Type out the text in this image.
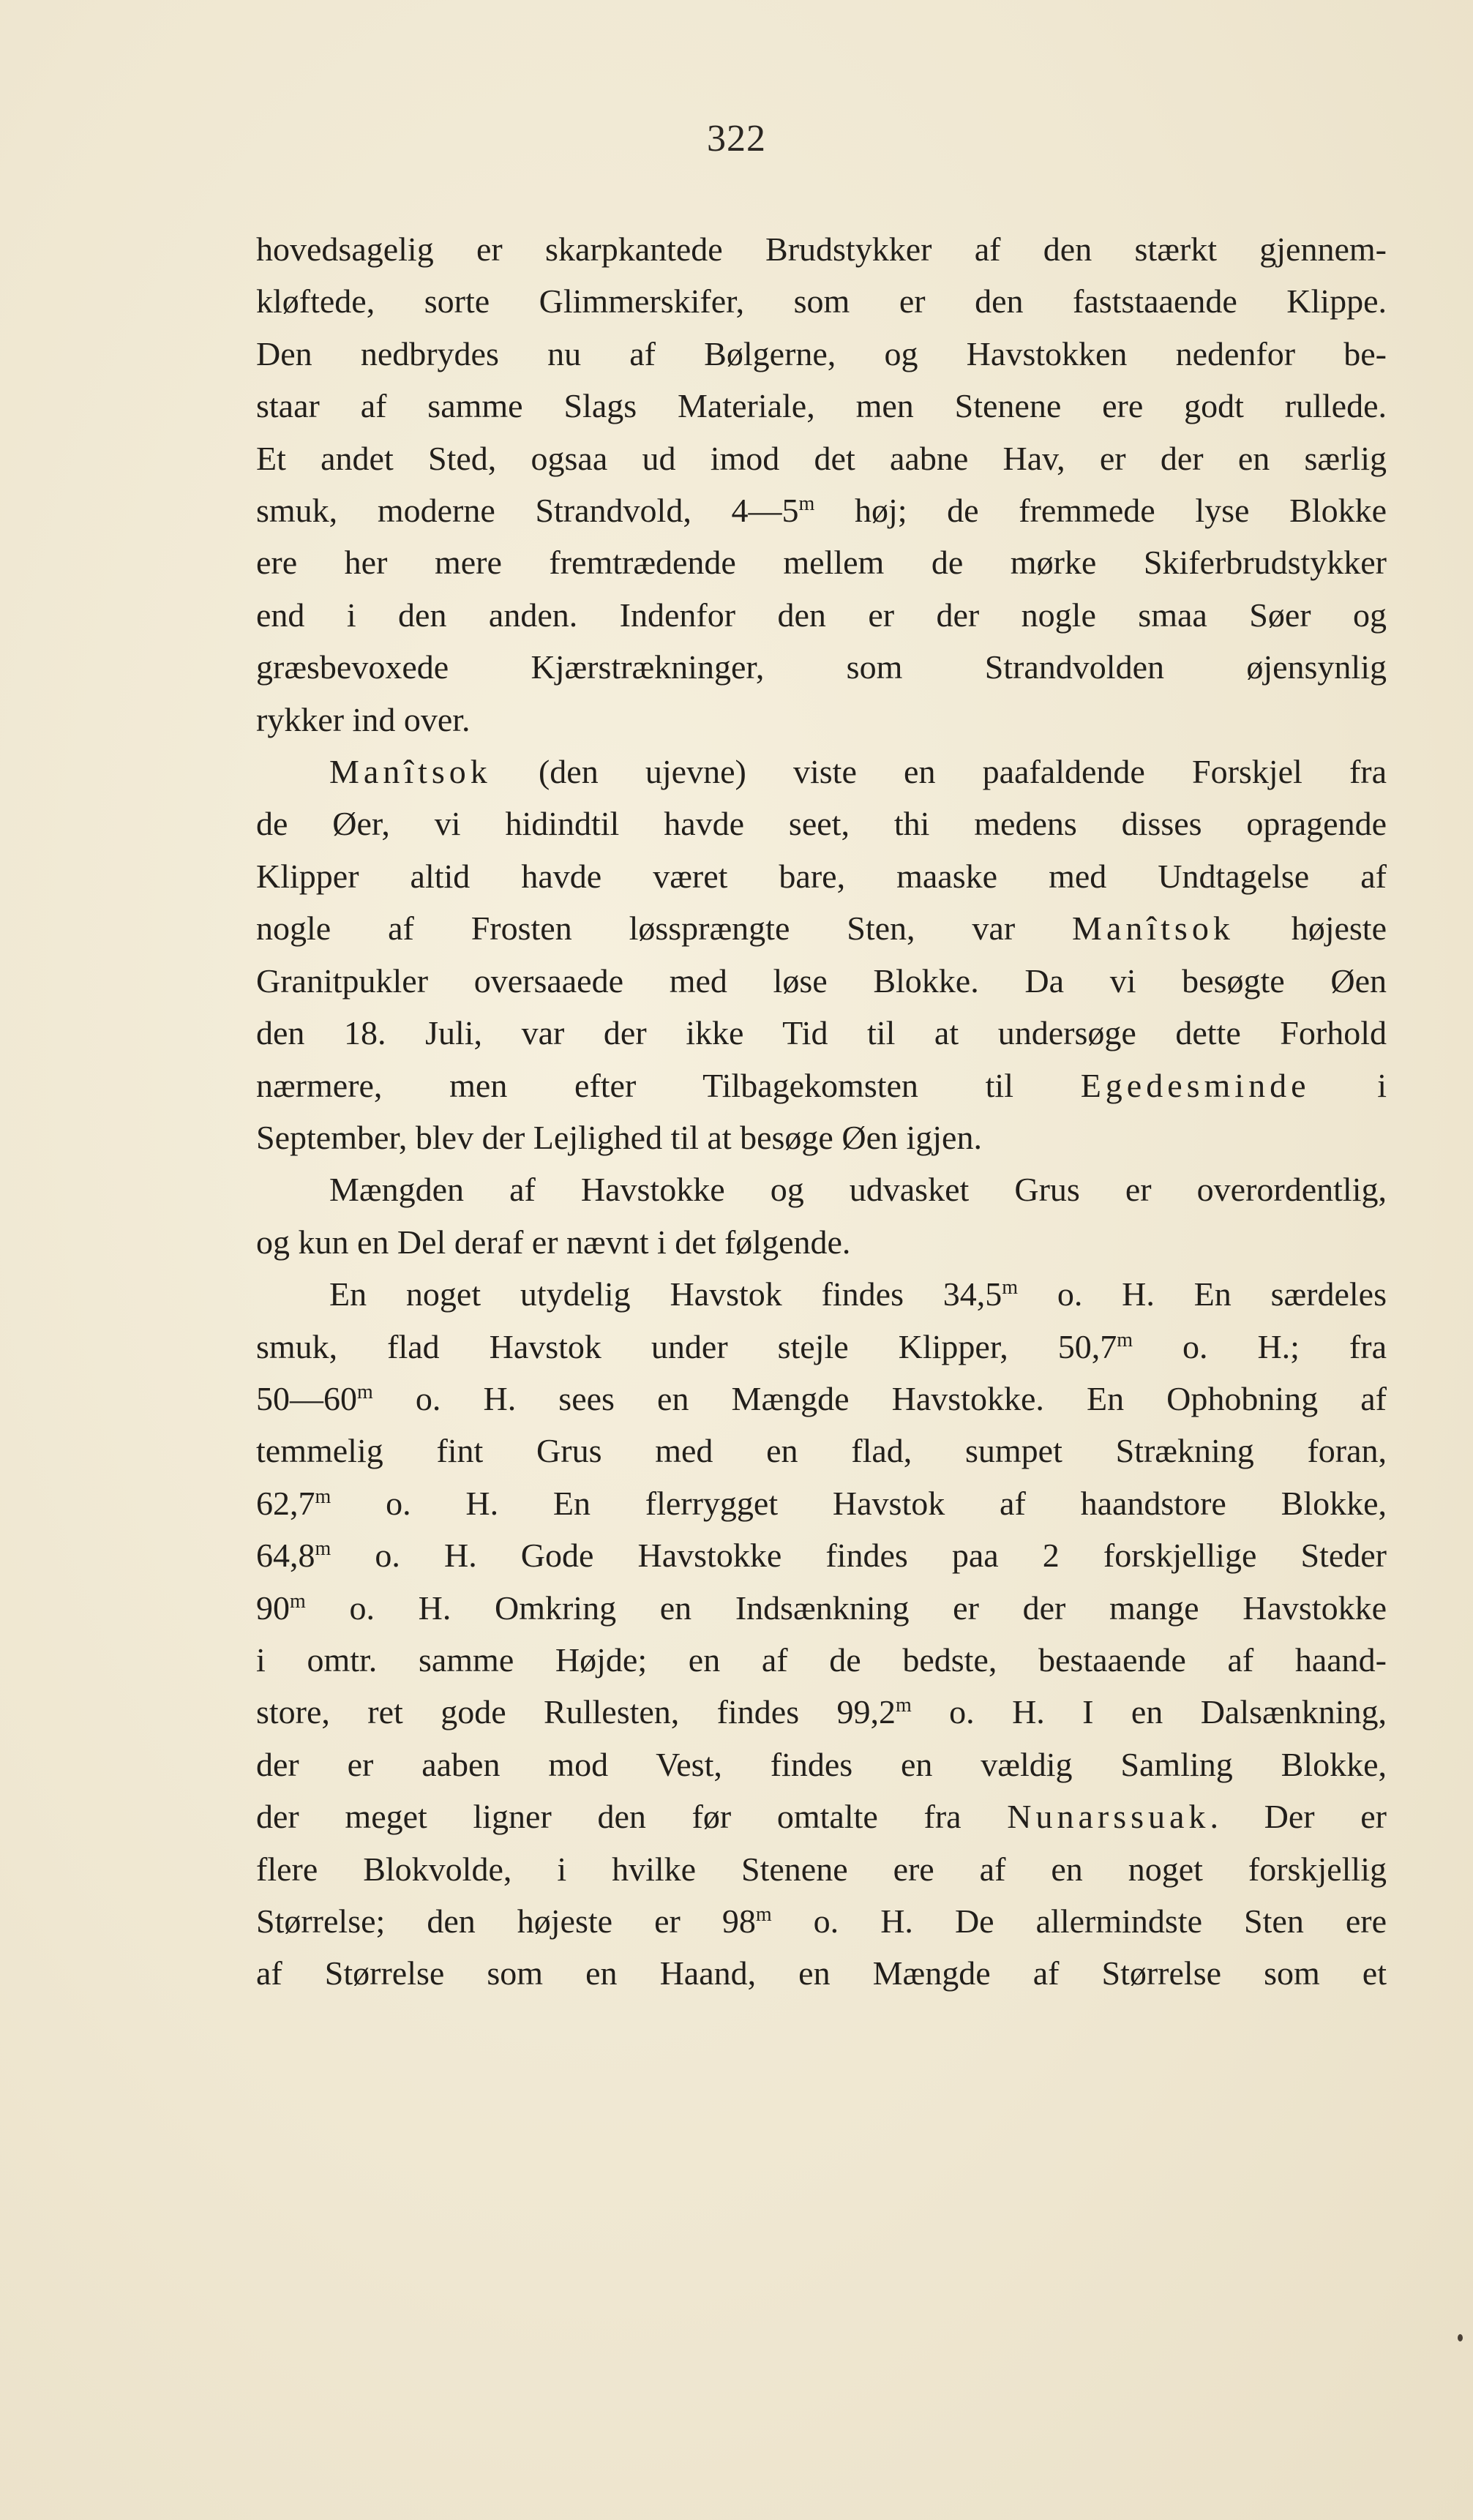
322

hovedsagelig er skarpkantede Brudstykker af den stærkt gjennem-

kløftede, sorte Glimmerskifer, som er den faststaaende Klippe.

Den nedbrydes nu af Bølgerne, og Havstokken nedenfor be-

staar af samme Slags Materiale, men Stenene ere godt rullede.

Et andet Sted, ogsaa ud imod det aabne Hav, er der en særlig

smuk, moderne Strandvold, 4—5$^m$ høj; de fremmede lyse Blokke

ere her mere fremtrædende mellem de mørke Skiferbrudstykker

end i den anden. Indenfor den er der nogle smaa Søer og

græsbevoxede Kjærstrækninger, som Strandvolden øjensynlig

rykker ind over.

Manîtsok (den ujevne) viste en paafaldende Forskjel fra

de Øer, vi hidindtil havde seet, thi medens disses opragende

Klipper altid havde været bare, maaske med Undtagelse af

nogle af Frosten løssprængte Sten, var Manîtsok højeste

Granitpukler oversaaede med løse Blokke. Da vi besøgte Øen

den 18. Juli, var der ikke Tid til at undersøge dette Forhold

nærmere, men efter Tilbagekomsten til Egedesminde i

September, blev der Lejlighed til at besøge Øen igjen.

Mængden af Havstokke og udvasket Grus er overordentlig,

og kun en Del deraf er nævnt i det følgende.

En noget utydelig Havstok findes 34,5$^m$ o. H. En særdeles

smuk, flad Havstok under stejle Klipper, 50,7$^m$ o. H.; fra

50—60$^m$ o. H. sees en Mængde Havstokke. En Ophobning af

temmelig fint Grus med en flad, sumpet Strækning foran,

62,7$^m$ o. H. En flerrygget Havstok af haandstore Blokke,

64,8$^m$ o. H. Gode Havstokke findes paa 2 forskjellige Steder

90$^m$ o. H. Omkring en Indsænkning er der mange Havstokke

i omtr. samme Højde; en af de bedste, bestaaende af haand-

store, ret gode Rullesten, findes 99,2$^m$ o. H. I en Dalsænkning,

der er aaben mod Vest, findes en vældig Samling Blokke,

der meget ligner den før omtalte fra Nunarssuak. Der er

flere Blokvolde, i hvilke Stenene ere af en noget forskjellig

Størrelse; den højeste er 98$^m$ o. H. De allermindste Sten ere

af Størrelse som en Haand, en Mængde af Størrelse som et
